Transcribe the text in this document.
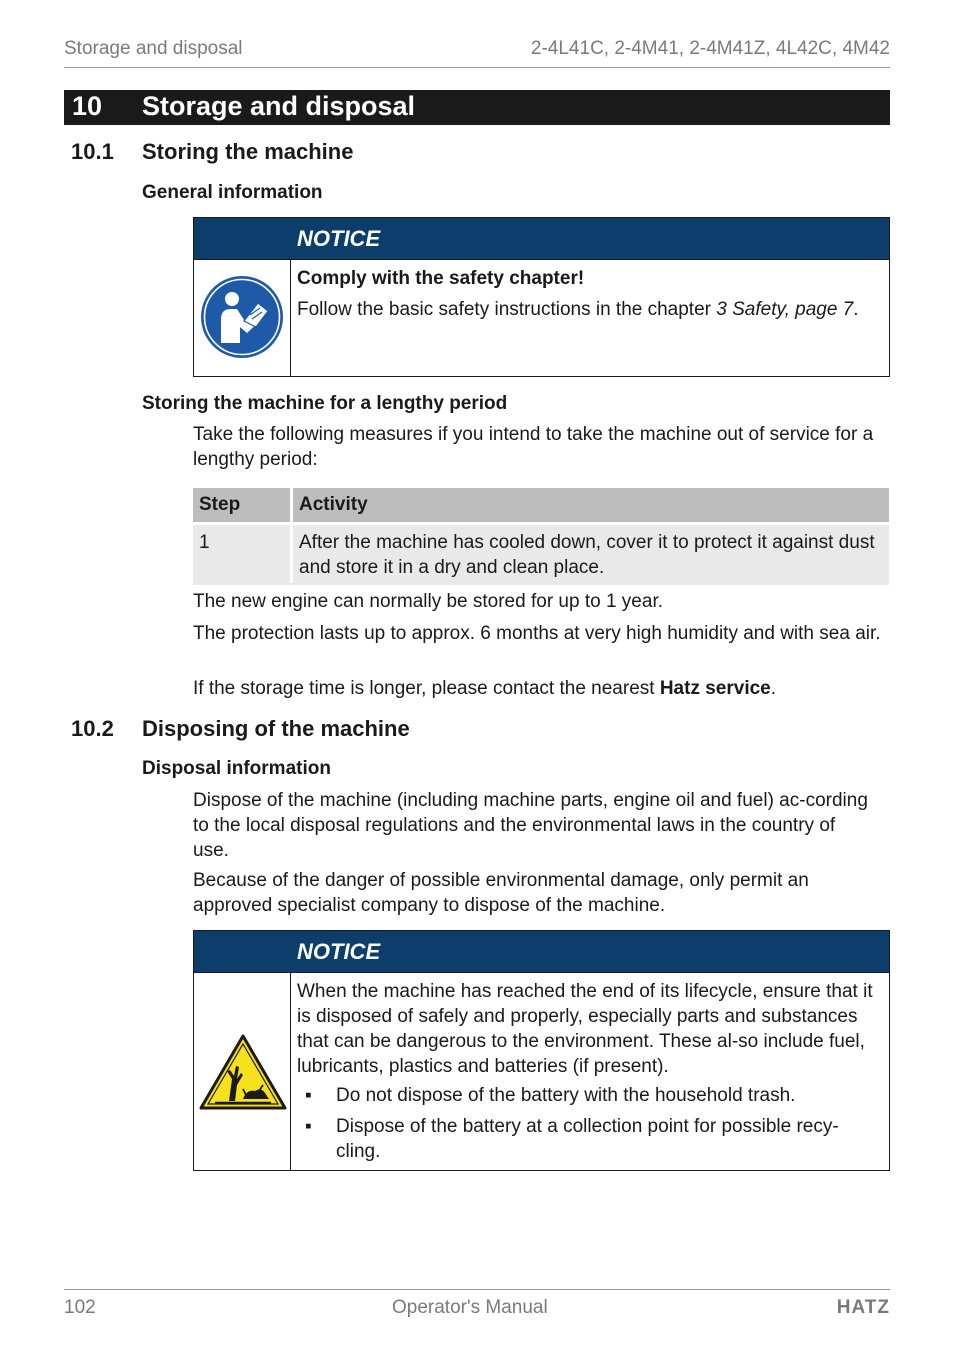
Storage and disposal	2-4L41C, 2-4M41, 2-4M41Z, 4L42C, 4M42
10 Storage and disposal
10.1 Storing the machine
General information
NOTICE
Comply with the safety chapter!
Follow the basic safety instructions in the chapter 3 Safety, page 7.
Storing the machine for a lengthy period
Take the following measures if you intend to take the machine out of service for a lengthy period:
Step	Activity
1	After the machine has cooled down, cover it to protect it against dust and store it in a dry and clean place.
The new engine can normally be stored for up to 1 year.
The protection lasts up to approx. 6 months at very high humidity and with sea air.
If the storage time is longer, please contact the nearest Hatz service.
10.2 Disposing of the machine
Disposal information
Dispose of the machine (including machine parts, engine oil and fuel) ac-cording to the local disposal regulations and the environmental laws in the country of use.
Because of the danger of possible environmental damage, only permit an approved specialist company to dispose of the machine.
NOTICE
When the machine has reached the end of its lifecycle, ensure that it is disposed of safely and properly, especially parts and substances that can be dangerous to the environment. These al-so include fuel, lubricants, plastics and batteries (if present).
▪ Do not dispose of the battery with the household trash.
▪ Dispose of the battery at a collection point for possible recy-cling.
102	Operator's Manual	HATZ
